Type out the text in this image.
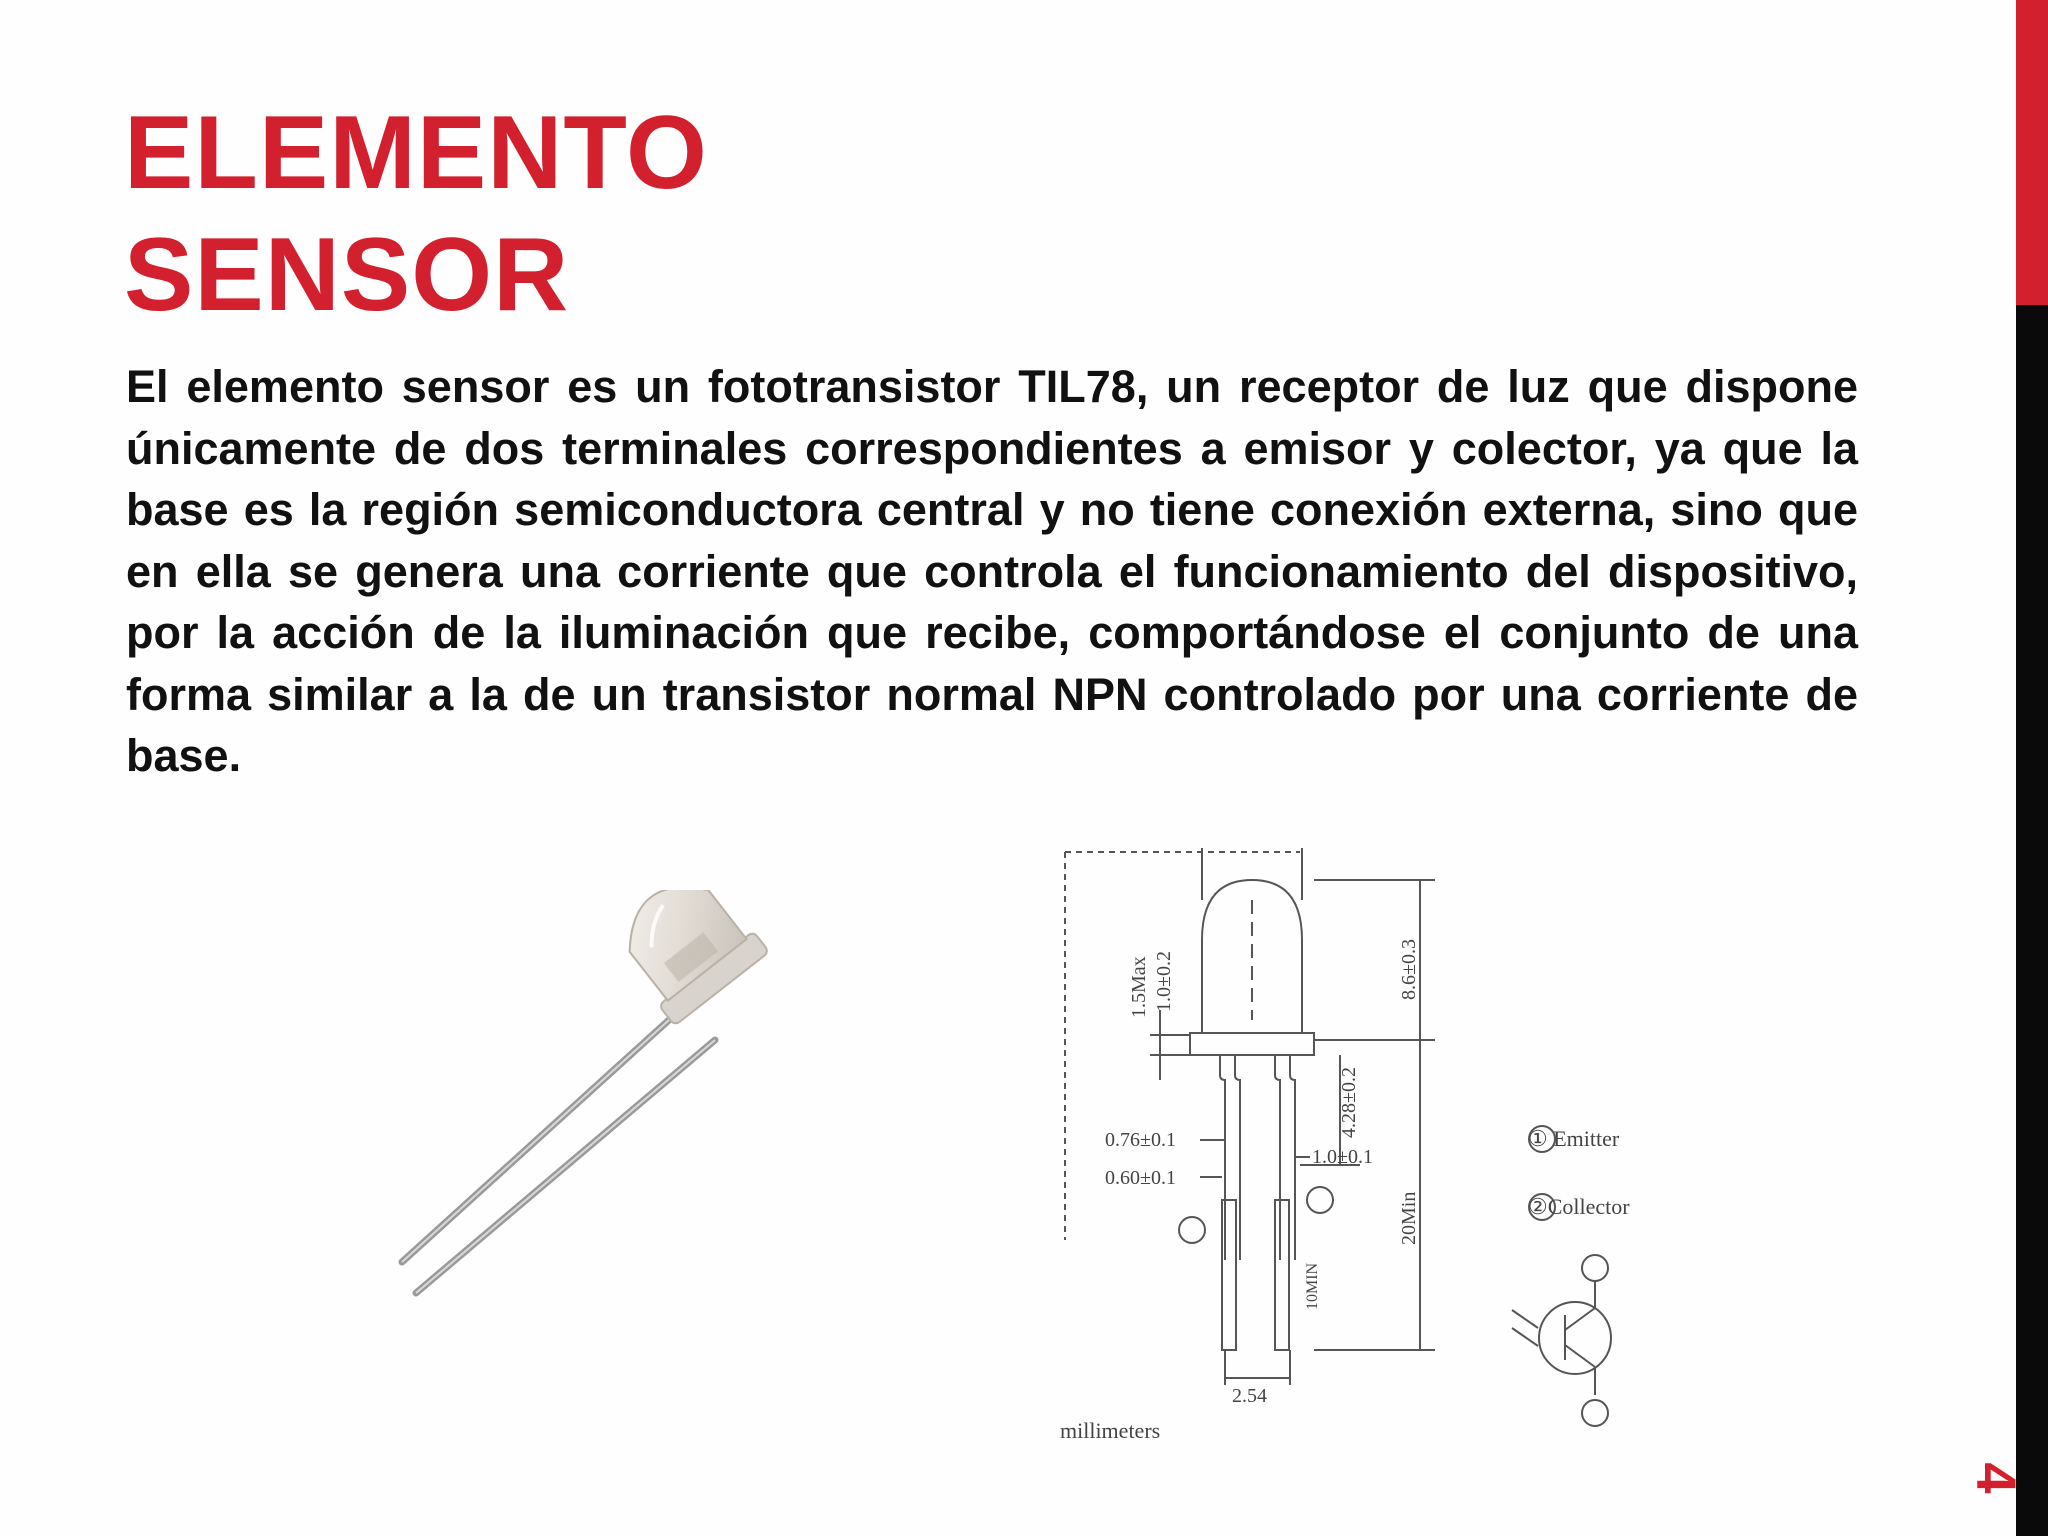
ELEMENTO
SENSOR

El elemento sensor es un fototransistor TIL78, un receptor de luz que dispone únicamente de dos terminales correspondientes a emisor y colector, ya que la base es la región semiconductora central y no tiene conexión externa, sino que en ella se genera una corriente que controla el funcionamiento del dispositivo, por la acción de la iluminación que recibe, comportándose el conjunto de una forma similar a la de un transistor normal NPN controlado por una corriente de base.

1.5Max 1.0±0.2	8.6±0.3
4.28±0.2
0.76±0.1
0.60±0.1
1.0±0.1
20Min
10MIN
2.54
① Emitter
②Collector
millimeters
4
